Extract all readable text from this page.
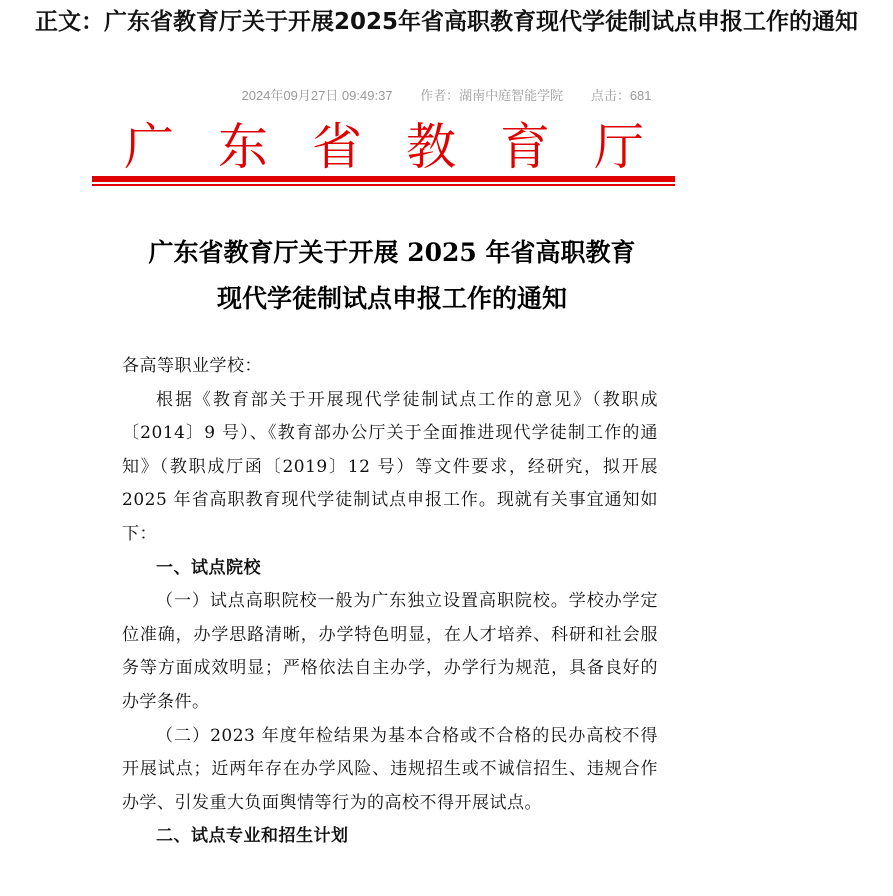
正文：广东省教育厅关于开展2025年省高职教育现代学徒制试点申报工作的通知
2024年09月27日 09:49:37 作者：湖南中庭智能学院 点击：681
广 东 省 教 育 厅
广东省教育厅关于开展 2025 年省高职教育
现代学徒制试点申报工作的通知

各高等职业学校：

根据《教育部关于开展现代学徒制试点工作的意见》（教职成〔2014〕9 号）、《教育部办公厅关于全面推进现代学徒制工作的通知》（教职成厅函〔2019〕12 号）等文件要求，经研究，拟开展 2025 年省高职教育现代学徒制试点申报工作。现就有关事宜通知如下：

一、试点院校

（一）试点高职院校一般为广东独立设置高职院校。学校办学定位准确，办学思路清晰，办学特色明显，在人才培养、科研和社会服务等方面成效明显；严格依法自主办学，办学行为规范，具备良好的办学条件。

（二）2023 年度年检结果为基本合格或不合格的民办高校不得开展试点；近两年存在办学风险、违规招生或不诚信招生、违规合作办学、引发重大负面舆情等行为的高校不得开展试点。

二、试点专业和招生计划
